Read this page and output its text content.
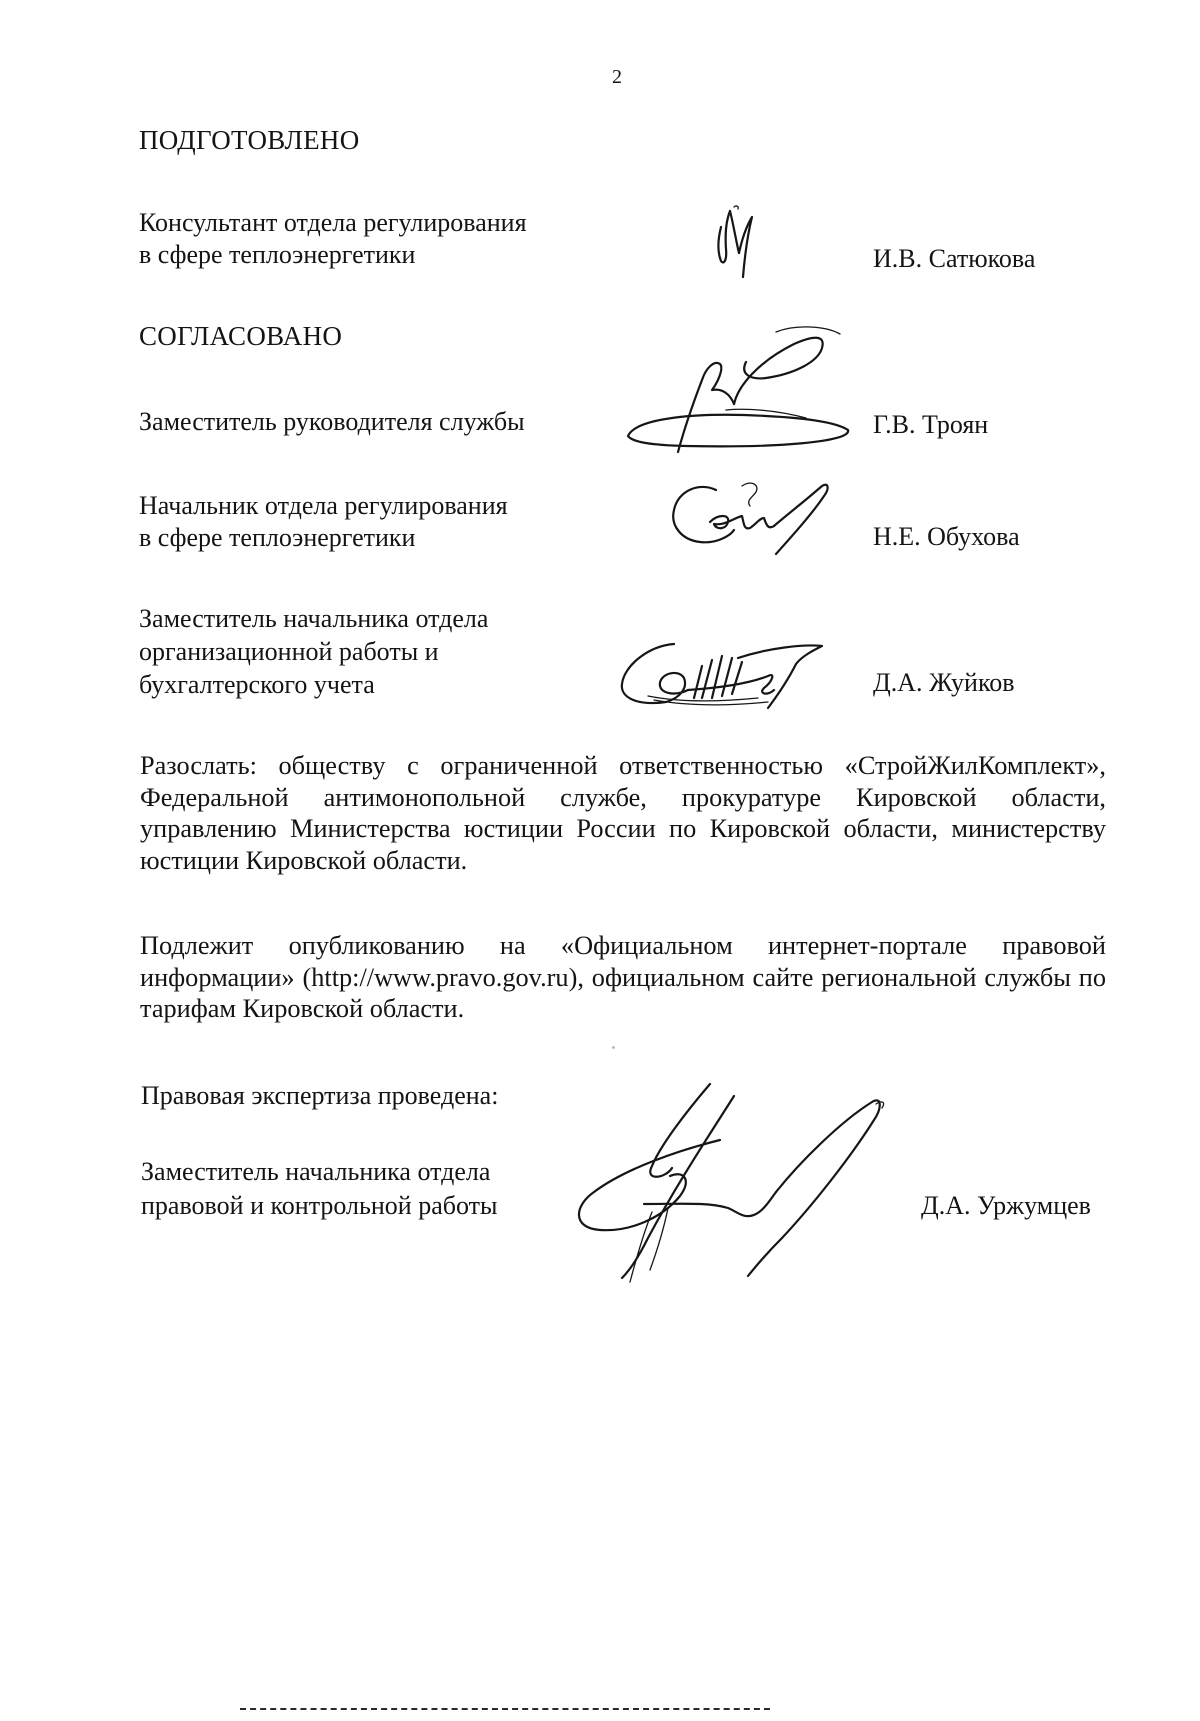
2
ПОДГОТОВЛЕНО
Консультант отдела регулирования
в сфере теплоэнергетики	И.В. Сатюкова
СОГЛАСОВАНО
Заместитель руководителя службы	Г.В. Троян
Начальник отдела регулирования
в сфере теплоэнергетики	Н.Е. Обухова
Заместитель начальника отдела
организационной работы и
бухгалтерского учета	Д.А. Жуйков
Разослать: обществу с ограниченной ответственностью «СтройЖилКомплект», Федеральной антимонопольной службе, прокуратуре Кировской области, управлению Министерства юстиции России по Кировской области, министерству юстиции Кировской области.
Подлежит опубликованию на «Официальном интернет-портале правовой информации» (http://www.pravo.gov.ru), официальном сайте региональной службы по тарифам Кировской области.
Правовая экспертиза проведена:
Заместитель начальника отдела
правовой и контрольной работы	Д.А. Уржумцев
